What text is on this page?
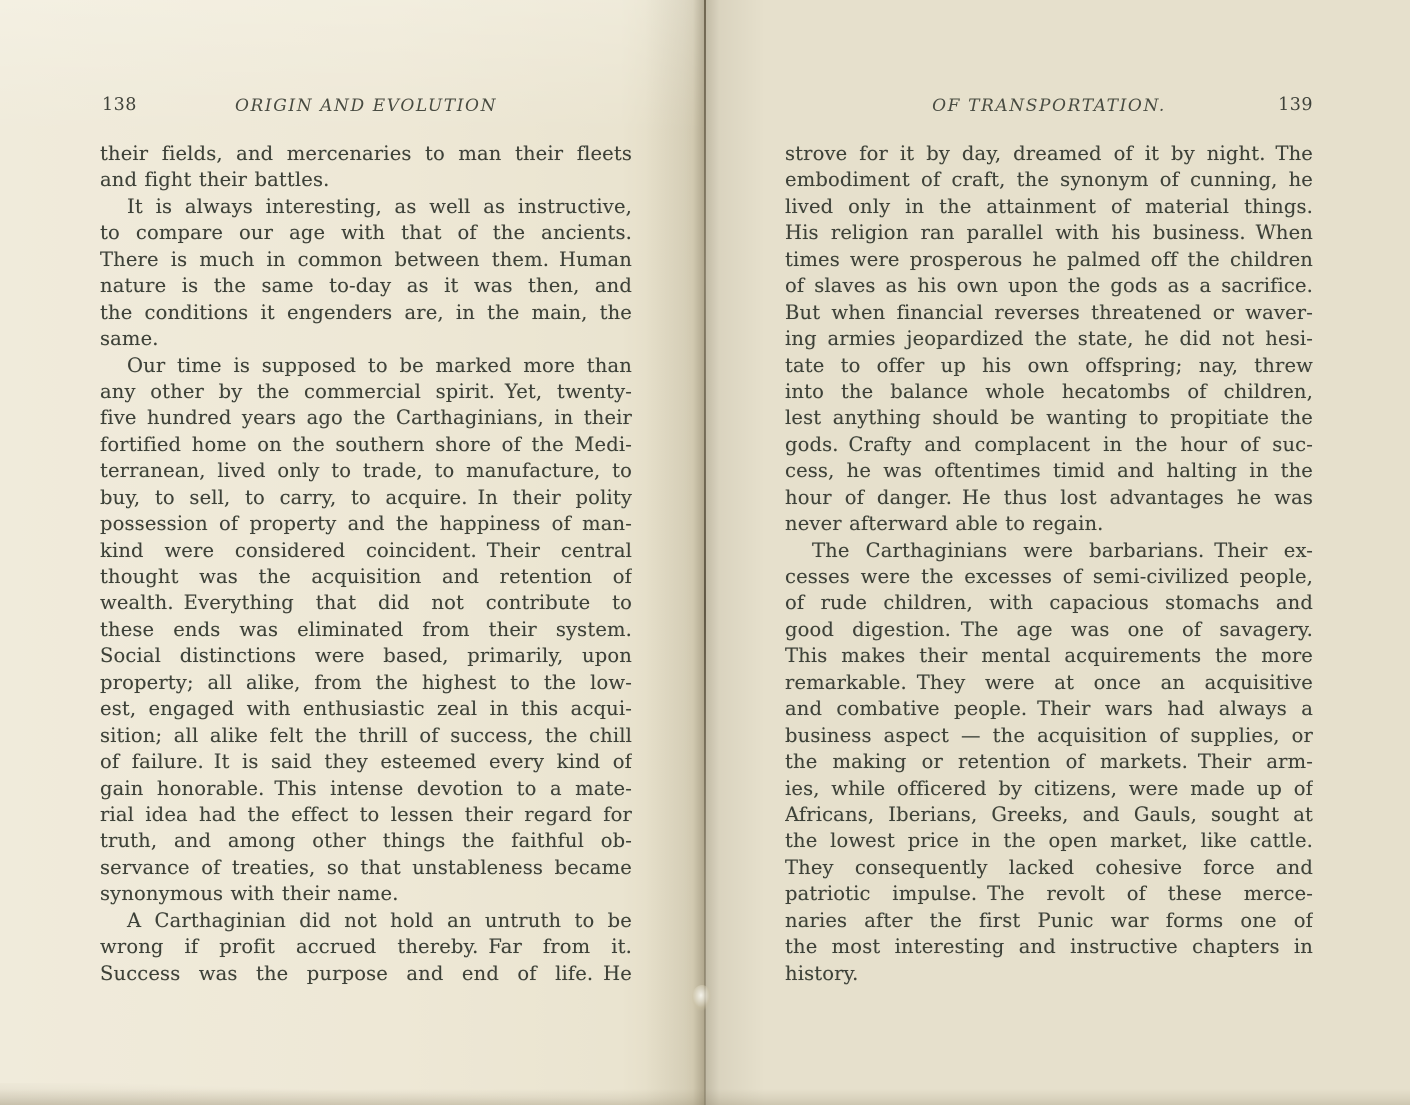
138	ORIGIN AND EVOLUTION
their fields, and mercenaries to man their fleets
and fight their battles.
It is always interesting, as well as instructive,
to compare our age with that of the ancients.
There is much in common between them. Human
nature is the same to-day as it was then, and
the conditions it engenders are, in the main, the
same.
Our time is supposed to be marked more than
any other by the commercial spirit. Yet, twenty-
five hundred years ago the Carthaginians, in their
fortified home on the southern shore of the Medi-
terranean, lived only to trade, to manufacture, to
buy, to sell, to carry, to acquire. In their polity
possession of property and the happiness of man-
kind were considered coincident. Their central
thought was the acquisition and retention of
wealth. Everything that did not contribute to
these ends was eliminated from their system.
Social distinctions were based, primarily, upon
property; all alike, from the highest to the low-
est, engaged with enthusiastic zeal in this acqui-
sition; all alike felt the thrill of success, the chill
of failure. It is said they esteemed every kind of
gain honorable. This intense devotion to a mate-
rial idea had the effect to lessen their regard for
truth, and among other things the faithful ob-
servance of treaties, so that unstableness became
synonymous with their name.
A Carthaginian did not hold an untruth to be
wrong if profit accrued thereby. Far from it.
Success was the purpose and end of life. He
OF TRANSPORTATION.	139
strove for it by day, dreamed of it by night. The
embodiment of craft, the synonym of cunning, he
lived only in the attainment of material things.
His religion ran parallel with his business. When
times were prosperous he palmed off the children
of slaves as his own upon the gods as a sacrifice.
But when financial reverses threatened or waver-
ing armies jeopardized the state, he did not hesi-
tate to offer up his own offspring; nay, threw
into the balance whole hecatombs of children,
lest anything should be wanting to propitiate the
gods. Crafty and complacent in the hour of suc-
cess, he was oftentimes timid and halting in the
hour of danger. He thus lost advantages he was
never afterward able to regain.
The Carthaginians were barbarians. Their ex-
cesses were the excesses of semi-civilized people,
of rude children, with capacious stomachs and
good digestion. The age was one of savagery.
This makes their mental acquirements the more
remarkable. They were at once an acquisitive
and combative people. Their wars had always a
business aspect — the acquisition of supplies, or
the making or retention of markets. Their arm-
ies, while officered by citizens, were made up of
Africans, Iberians, Greeks, and Gauls, sought at
the lowest price in the open market, like cattle.
They consequently lacked cohesive force and
patriotic impulse. The revolt of these merce-
naries after the first Punic war forms one of
the most interesting and instructive chapters in
history.
